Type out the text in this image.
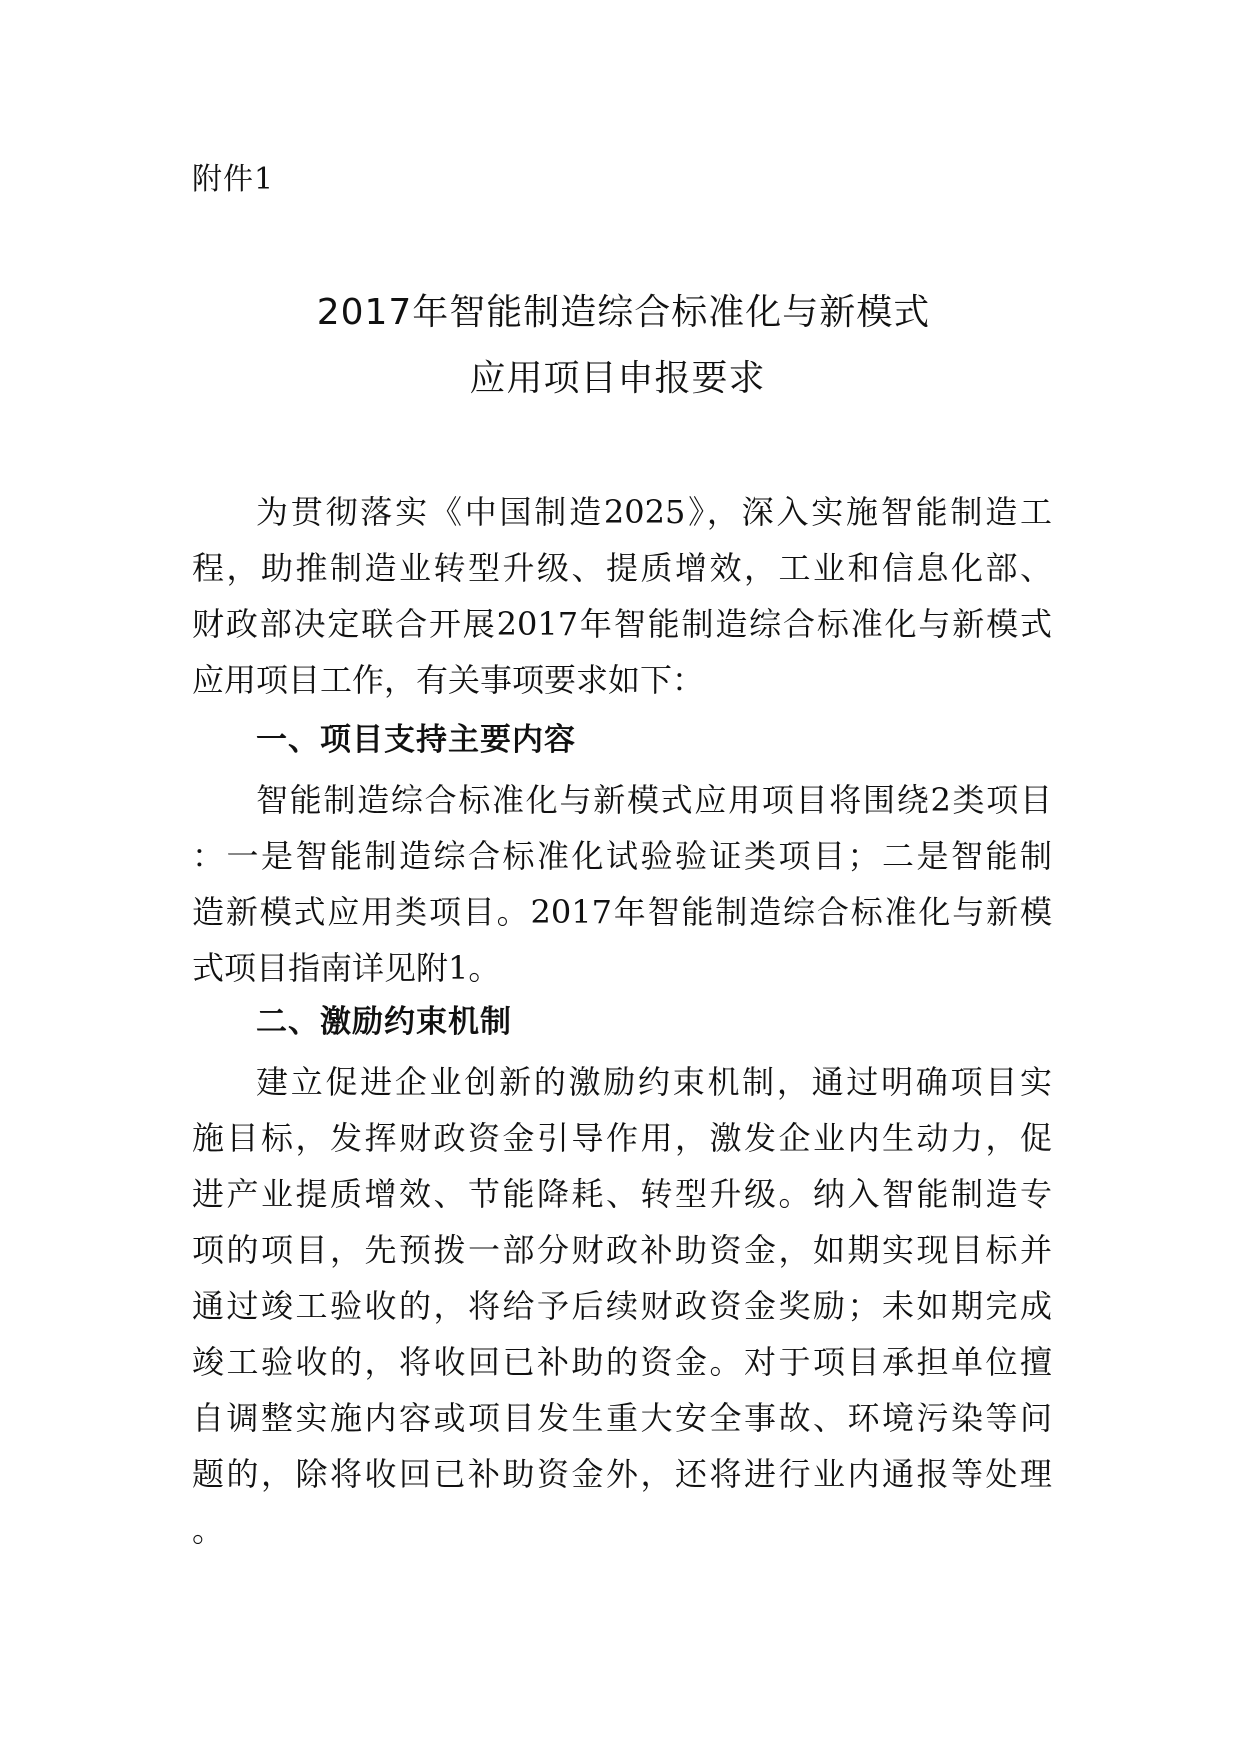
附件1
2017年智能制造综合标准化与新模式
应用项目申报要求
为贯彻落实《中国制造2025》，深入实施智能制造工
程，助推制造业转型升级、提质增效，工业和信息化部、
财政部决定联合开展2017年智能制造综合标准化与新模式
应用项目工作，有关事项要求如下：
一、项目支持主要内容
智能制造综合标准化与新模式应用项目将围绕2类项目
：一是智能制造综合标准化试验验证类项目；二是智能制
造新模式应用类项目。2017年智能制造综合标准化与新模
式项目指南详见附1。
二、激励约束机制
建立促进企业创新的激励约束机制，通过明确项目实
施目标，发挥财政资金引导作用，激发企业内生动力，促
进产业提质增效、节能降耗、转型升级。纳入智能制造专
项的项目，先预拨一部分财政补助资金，如期实现目标并
通过竣工验收的，将给予后续财政资金奖励；未如期完成
竣工验收的，将收回已补助的资金。对于项目承担单位擅
自调整实施内容或项目发生重大安全事故、环境污染等问
题的，除将收回已补助资金外，还将进行业内通报等处理
。
